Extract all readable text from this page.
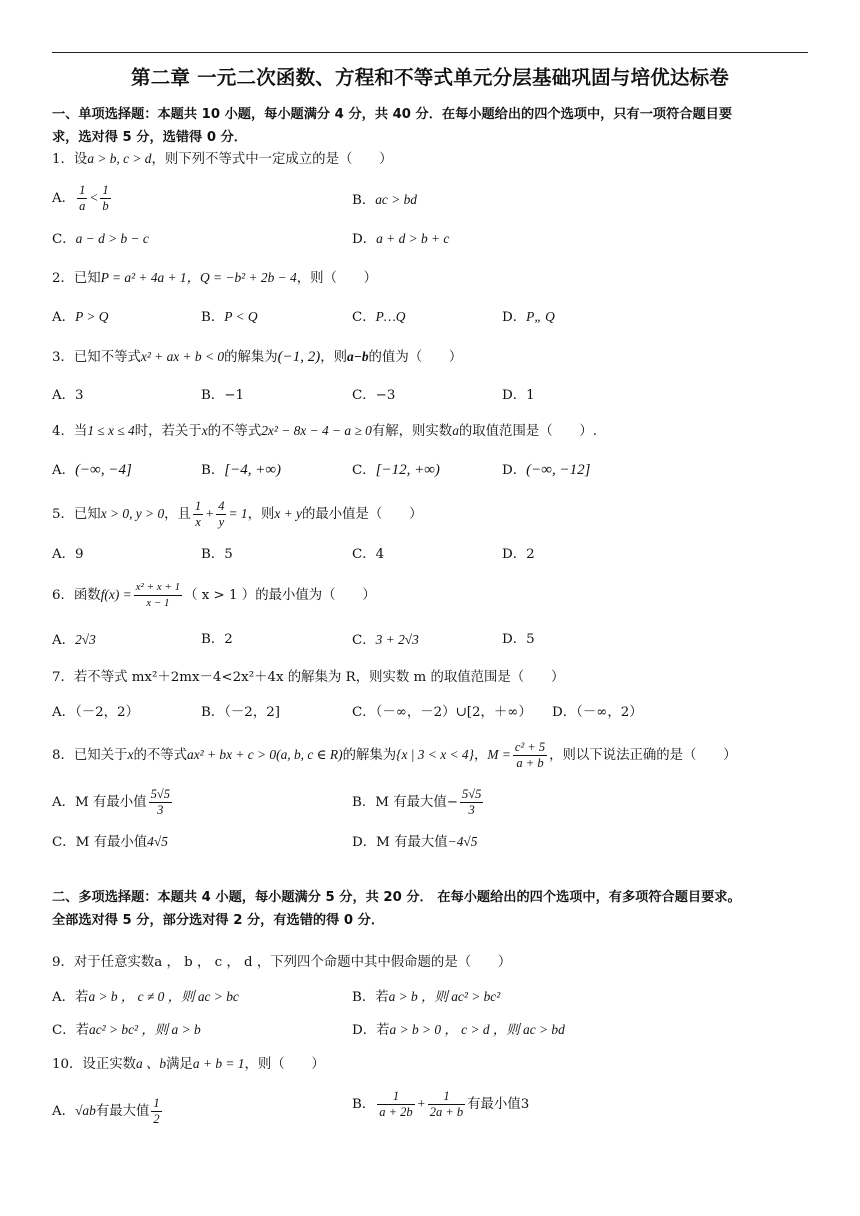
第二章 一元二次函数、方程和不等式单元分层基础巩固与培优达标卷
一、单项选择题：本题共 10 小题，每小题满分 4 分，共 40 分．在每小题给出的四个选项中，只有一项符合题目要
求，选对得 5 分，选错得 0 分．
1．设a > b, c > d，则下列不等式中一定成立的是（　　）
A． $\frac{1}{a} < \frac{1}{b}$	B．ac > bd
C．a − d > b − c	D．a + d > b + c
2．已知P = a² + 4a + 1，Q = −b² + 2b − 4，则（　　）
A．P > Q	B．P < Q	C．P…Q	D．P„ Q
3．已知不等式x² + ax + b < 0的解集为(−1, 2)，则a−b的值为（　　）
A．3	B．−1	C．−3	D．1
4．当1 ≤ x ≤ 4时，若关于x的不等式2x² − 8x − 4 − a ≥ 0有解，则实数a的取值范围是（　　）.
A．(−∞, −4]	B．[−4, +∞)	C．[−12, +∞)	D．(−∞, −12]
5．已知x > 0, y > 0，且 $\frac{1}{x} + \frac{4}{y} = 1$，则x + y的最小值是（　　）
A．9	B．5	C．4	D．2
6．函数$f(x) = \frac{\text{x² + x + 1}}{x - 1}$ （ x > 1 ）的最小值为（　　）
A．2√3	B．2	C．3 + 2√3	D．5
7．若不等式 mx²＋2mx－4<2x²＋4x 的解集为 R，则实数 m 的取值范围是（　　）
A．（－2，2）	B．（－2，2]	C．（－∞，－2）∪[2，＋∞） D．（－∞，2）
8．已知关于x的不等式ax² + bx + c > 0(a, b, c ∈ R)的解集为{x | 3 < x < 4}，$M = \frac{\text{c² + 5}}{a + b}$ ，则以下说法正确的是（　　）
A．M 有最小值 $\frac{5√5}{3}$	B．M 有最大值− $\frac{5√5}{3}$
C．M 有最小值4√5	D．M 有最大值−4√5
二、多项选择题：本题共 4 小题，每小题满分 5 分，共 20 分． 在每小题给出的四个选项中，有多项符合题目要求。
全部选对得 5 分，部分选对得 2 分，有选错的得 0 分．
9．对于任意实数a ， b ， c ， d ，下列四个命题中其中假命题的是（　　）
A．若a > b ， c ≠ 0 ，则 ac > bc	B．若a > b ，则 ac² > bc²
C．若ac² > bc² ，则 a > b	D．若a > b > 0 ， c > d ，则 ac > bd
10．设正实数a 、b满足a + b = 1，则（　　）
A．√ab有最大值 $\frac{1}{2}$	B． $\frac{1}{a + 2b} + \frac{1}{2a + b}$ 有最小值3
